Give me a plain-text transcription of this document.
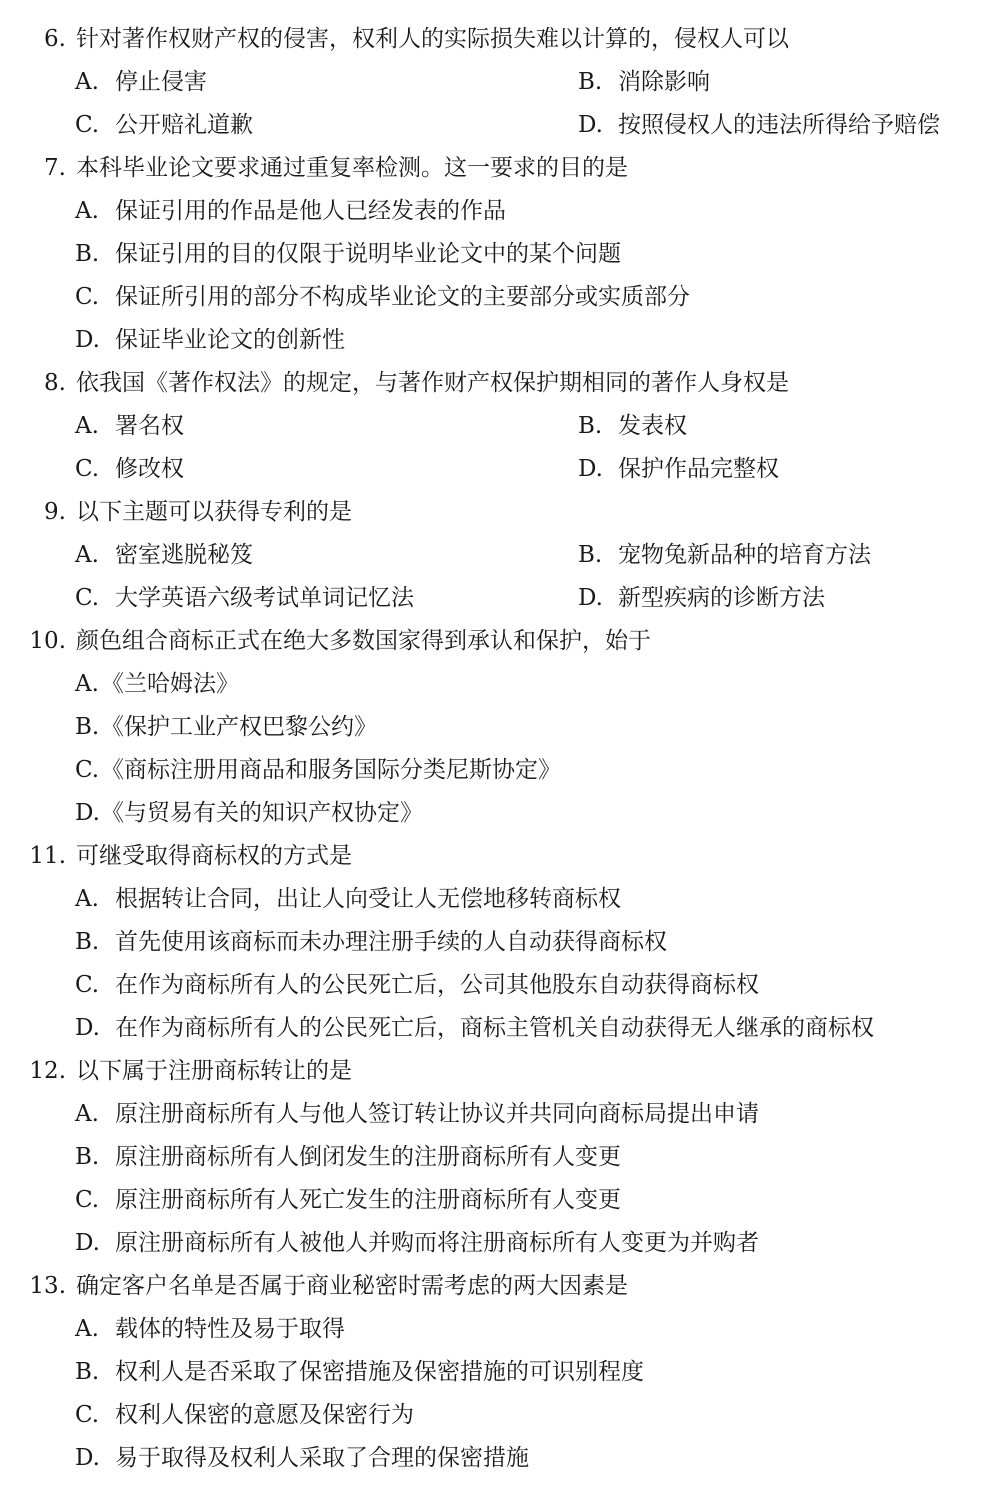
6. 针对著作权财产权的侵害，权利人的实际损失难以计算的，侵权人可以
A. 停止侵害	B. 消除影响
C. 公开赔礼道歉	D. 按照侵权人的违法所得给予赔偿
7. 本科毕业论文要求通过重复率检测。这一要求的目的是
A. 保证引用的作品是他人已经发表的作品
B. 保证引用的目的仅限于说明毕业论文中的某个问题
C. 保证所引用的部分不构成毕业论文的主要部分或实质部分
D. 保证毕业论文的创新性
8. 依我国《著作权法》的规定，与著作财产权保护期相同的著作人身权是
A. 署名权	B. 发表权
C. 修改权	D. 保护作品完整权
9. 以下主题可以获得专利的是
A. 密室逃脱秘笈	B. 宠物兔新品种的培育方法
C. 大学英语六级考试单词记忆法	D. 新型疾病的诊断方法
10. 颜色组合商标正式在绝大多数国家得到承认和保护，始于
A. 《兰哈姆法》
B. 《保护工业产权巴黎公约》
C. 《商标注册用商品和服务国际分类尼斯协定》
D. 《与贸易有关的知识产权协定》
11. 可继受取得商标权的方式是
A. 根据转让合同，出让人向受让人无偿地移转商标权
B. 首先使用该商标而未办理注册手续的人自动获得商标权
C. 在作为商标所有人的公民死亡后，公司其他股东自动获得商标权
D. 在作为商标所有人的公民死亡后，商标主管机关自动获得无人继承的商标权
12. 以下属于注册商标转让的是
A. 原注册商标所有人与他人签订转让协议并共同向商标局提出申请
B. 原注册商标所有人倒闭发生的注册商标所有人变更
C. 原注册商标所有人死亡发生的注册商标所有人变更
D. 原注册商标所有人被他人并购而将注册商标所有人变更为并购者
13. 确定客户名单是否属于商业秘密时需考虑的两大因素是
A. 载体的特性及易于取得
B. 权利人是否采取了保密措施及保密措施的可识别程度
C. 权利人保密的意愿及保密行为
D. 易于取得及权利人采取了合理的保密措施
